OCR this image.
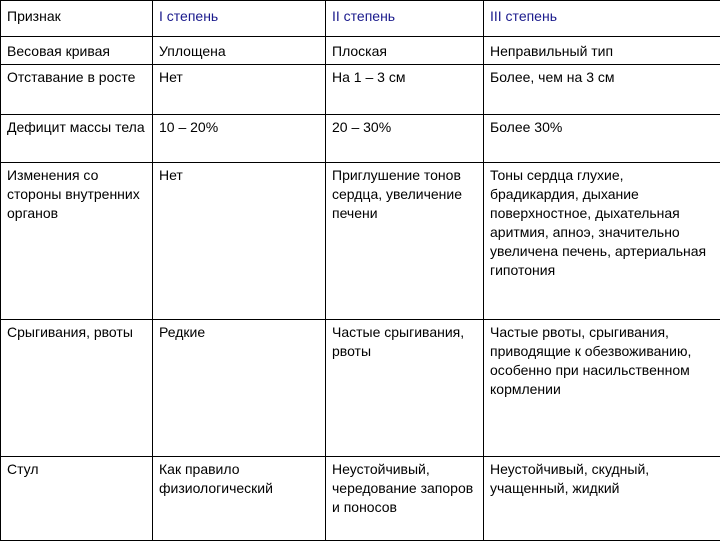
Признак	I степень	II степень	III степень
Весовая кривая	Уплощена	Плоская	Неправильный тип
Отставание в росте	Нет	На 1 – 3 см	Более, чем на 3 см
Дефицит массы тела	10 – 20%	20 – 30%	Более 30%
Изменения со стороны внутренних органов	Нет	Приглушение тонов сердца, увеличение печени	Тоны сердца глухие, брадикардия, дыхание поверхностное, дыхательная аритмия, апноэ, значительно увеличена печень, артериальная гипотония
Срыгивания, рвоты	Редкие	Частые срыгивания, рвоты	Частые рвоты, срыгивания, приводящие к обезвоживанию, особенно при насильственном кормлении
Стул	Как правило физиологический	Неустойчивый, чередование запоров и поносов	Неустойчивый, скудный, учащенный, жидкий
